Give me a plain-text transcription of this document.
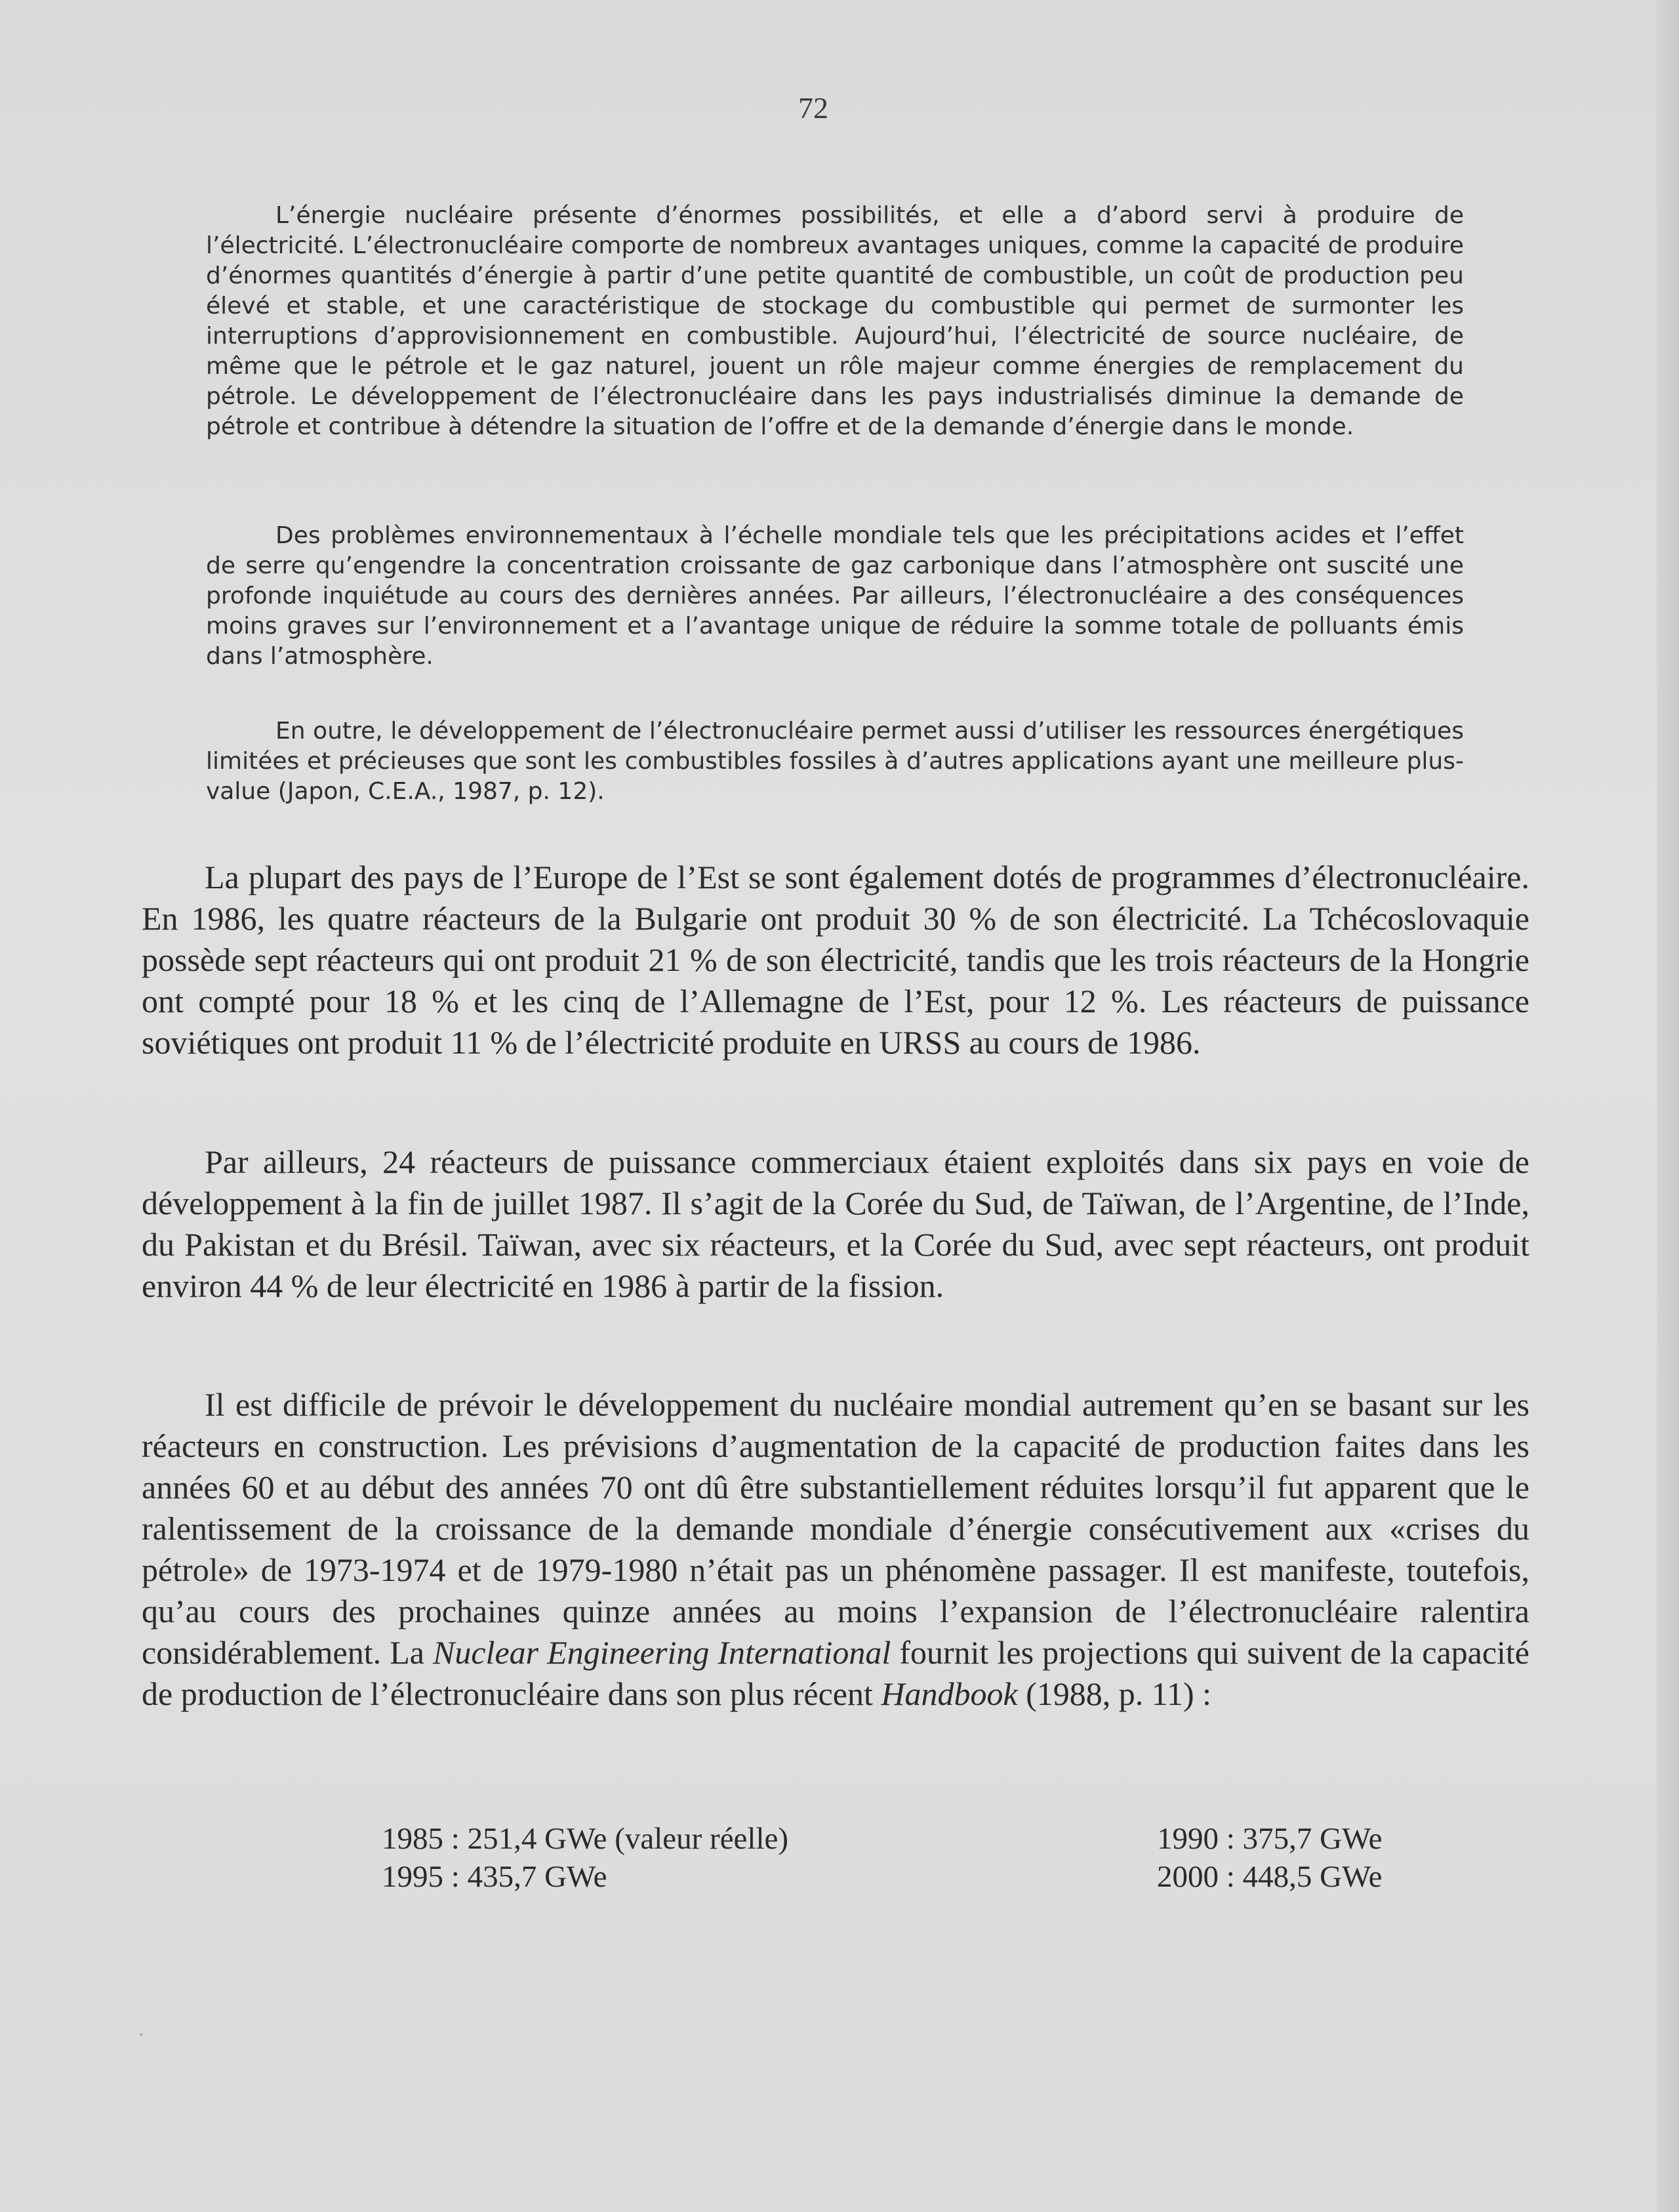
72

L’énergie nucléaire présente d’énormes possibilités, et elle a d’abord servi à produire de l’électricité. L’électronucléaire comporte de nombreux avantages uniques, comme la capacité de produire d’énormes quantités d’énergie à partir d’une petite quantité de combustible, un coût de production peu élevé et stable, et une caractéristique de stockage du combustible qui permet de surmonter les interruptions d’approvisionnement en combustible. Aujourd’hui, l’électricité de source nucléaire, de même que le pétrole et le gaz naturel, jouent un rôle majeur comme énergies de remplacement du pétrole. Le développement de l’électronucléaire dans les pays industrialisés diminue la demande de pétrole et contribue à détendre la situation de l’offre et de la demande d’énergie dans le monde.

Des problèmes environnementaux à l’échelle mondiale tels que les précipitations acides et l’effet de serre qu’engendre la concentration croissante de gaz carbonique dans l’atmosphère ont suscité une profonde inquiétude au cours des dernières années. Par ailleurs, l’électronucléaire a des conséquences moins graves sur l’environnement et a l’avantage unique de réduire la somme totale de polluants émis dans l’atmosphère.

En outre, le développement de l’électronucléaire permet aussi d’utiliser les ressources énergétiques limitées et précieuses que sont les combustibles fossiles à d’autres applications ayant une meilleure plus-value (Japon, C.E.A., 1987, p. 12).

La plupart des pays de l’Europe de l’Est se sont également dotés de programmes d’électronucléaire. En 1986, les quatre réacteurs de la Bulgarie ont produit 30 % de son électricité. La Tchécoslovaquie possède sept réacteurs qui ont produit 21 % de son électricité, tandis que les trois réacteurs de la Hongrie ont compté pour 18 % et les cinq de l’Allemagne de l’Est, pour 12 %. Les réacteurs de puissance soviétiques ont produit 11 % de l’électricité produite en URSS au cours de 1986.

Par ailleurs, 24 réacteurs de puissance commerciaux étaient exploités dans six pays en voie de développement à la fin de juillet 1987. Il s’agit de la Corée du Sud, de Taïwan, de l’Argentine, de l’Inde, du Pakistan et du Brésil. Taïwan, avec six réacteurs, et la Corée du Sud, avec sept réacteurs, ont produit environ 44 % de leur électricité en 1986 à partir de la fission.

Il est difficile de prévoir le développement du nucléaire mondial autrement qu’en se basant sur les réacteurs en construction. Les prévisions d’augmentation de la capacité de production faites dans les années 60 et au début des années 70 ont dû être substantiellement réduites lorsqu’il fut apparent que le ralentissement de la croissance de la demande mondiale d’énergie consécutivement aux «crises du pétrole» de 1973-1974 et de 1979-1980 n’était pas un phénomène passager. Il est manifeste, toutefois, qu’au cours des prochaines quinze années au moins l’expansion de l’électronucléaire ralentira considérablement. La Nuclear Engineering International fournit les projections qui suivent de la capacité de production de l’électronucléaire dans son plus récent Handbook (1988, p. 11) :

1985 : 251,4 GWe (valeur réelle)	1990 : 375,7 GWe
1995 : 435,7 GWe	2000 : 448,5 GWe
.
